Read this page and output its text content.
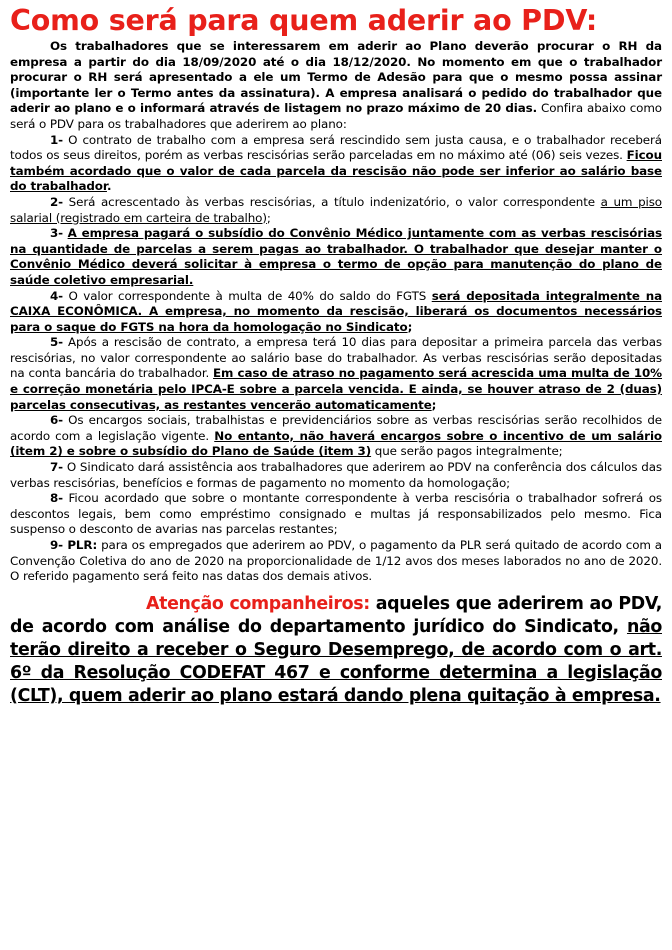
Como será para quem aderir ao PDV:

Os trabalhadores que se interessarem em aderir ao Plano deverão procurar o RH da empresa a partir do dia 18/09/2020 até o dia 18/12/2020. No momento em que o trabalhador procurar o RH será apresentado a ele um Termo de Adesão para que o mesmo possa assinar (importante ler o Termo antes da assinatura). A empresa analisará o pedido do trabalhador que aderir ao plano e o informará através de listagem no prazo máximo de 20 dias. Confira abaixo como será o PDV para os trabalhadores que aderirem ao plano:

1- O contrato de trabalho com a empresa será rescindido sem justa causa, e o trabalhador receberá todos os seus direitos, porém as verbas rescisórias serão parceladas em no máximo até (06) seis vezes. Ficou também acordado que o valor de cada parcela da rescisão não pode ser inferior ao salário base do trabalhador.

2- Será acrescentado às verbas rescisórias, a título indenizatório, o valor correspondente a um piso salarial (registrado em carteira de trabalho);

3- A empresa pagará o subsídio do Convênio Médico juntamente com as verbas rescisórias na quantidade de parcelas a serem pagas ao trabalhador. O trabalhador que desejar manter o Convênio Médico deverá solicitar à empresa o termo de opção para manutenção do plano de saúde coletivo empresarial.

4- O valor correspondente à multa de 40% do saldo do FGTS será depositada integralmente na CAIXA ECONÔMICA. A empresa, no momento da rescisão, liberará os documentos necessários para o saque do FGTS na hora da homologação no Sindicato;

5- Após a rescisão de contrato, a empresa terá 10 dias para depositar a primeira parcela das verbas rescisórias, no valor correspondente ao salário base do trabalhador. As verbas rescisórias serão depositadas na conta bancária do trabalhador. Em caso de atraso no pagamento será acrescida uma multa de 10% e correção monetária pelo IPCA-E sobre a parcela vencida. E ainda, se houver atraso de 2 (duas) parcelas consecutivas, as restantes vencerão automaticamente;

6- Os encargos sociais, trabalhistas e previdenciários sobre as verbas rescisórias serão recolhidos de acordo com a legislação vigente. No entanto, não haverá encargos sobre o incentivo de um salário (item 2) e sobre o subsídio do Plano de Saúde (item 3) que serão pagos integralmente;

7- O Sindicato dará assistência aos trabalhadores que aderirem ao PDV na conferência dos cálculos das verbas rescisórias, benefícios e formas de pagamento no momento da homologação;

8- Ficou acordado que sobre o montante correspondente à verba rescisória o trabalhador sofrerá os descontos legais, bem como empréstimo consignado e multas já responsabilizados pelo mesmo. Fica suspenso o desconto de avarias nas parcelas restantes;

9- PLR: para os empregados que aderirem ao PDV, o pagamento da PLR será quitado de acordo com a Convenção Coletiva do ano de 2020 na proporcionalidade de 1/12 avos dos meses laborados no ano de 2020. O referido pagamento será feito nas datas dos demais ativos.

Atenção companheiros: aqueles que aderirem ao PDV, de acordo com análise do departamento jurídico do Sindicato, não terão direito a receber o Seguro Desemprego, de acordo com o art. 6º da Resolução CODEFAT 467 e conforme determina a legislação (CLT), quem aderir ao plano estará dando plena quitação à empresa.
